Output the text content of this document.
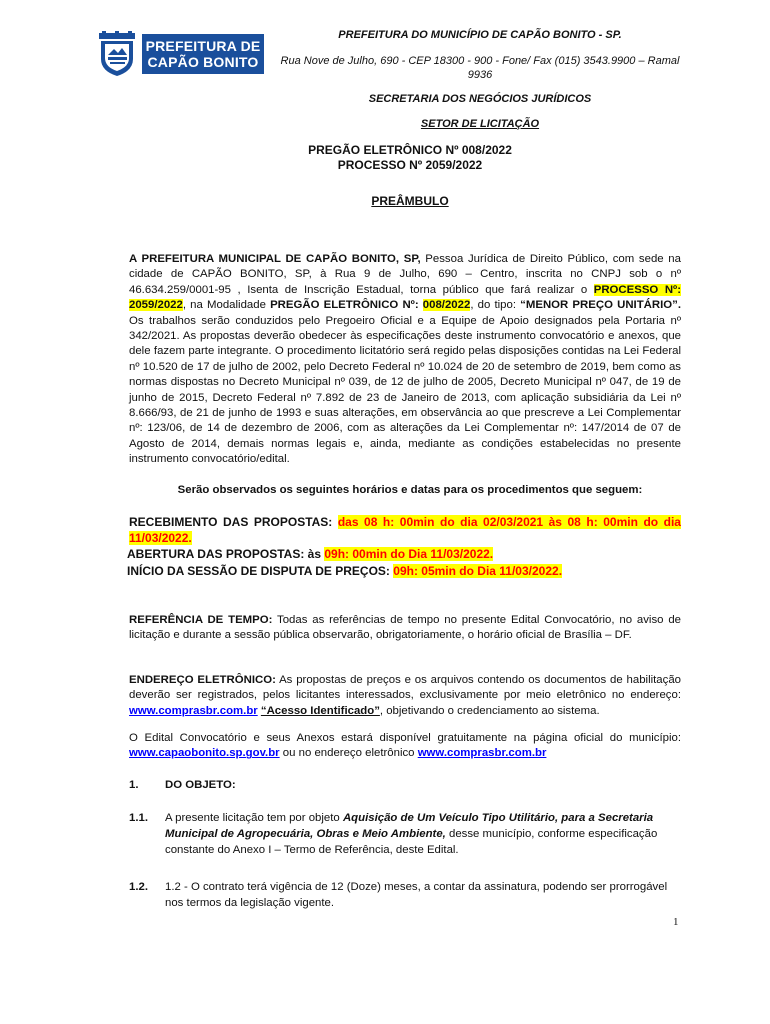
PREFEITURA DE
CAPÃO BONITO
PREFEITURA DO MUNICÍPIO DE CAPÃO BONITO - SP.
Rua Nove de Julho, 690 - CEP 18300 - 900 - Fone/ Fax (015) 3543.9900 – Ramal 9936
SECRETARIA DOS NEGÓCIOS JURÍDICOS
SETOR DE LICITAÇÃO
PREGÃO ELETRÔNICO Nº 008/2022
PROCESSO Nº 2059/2022
PREÂMBULO
A PREFEITURA MUNICIPAL DE CAPÃO BONITO, SP, Pessoa Jurídica de Direito Público, com sede na cidade de CAPÃO BONITO, SP, à Rua 9 de Julho, 690 – Centro, inscrita no CNPJ sob o nº 46.634.259/0001-95 , Isenta de Inscrição Estadual, torna público que fará realizar o PROCESSO Nº: 2059/2022, na Modalidade PREGÃO ELETRÔNICO Nº: 008/2022, do tipo: “MENOR PREÇO UNITÁRIO”. Os trabalhos serão conduzidos pelo Pregoeiro Oficial e a Equipe de Apoio designados pela Portaria nº 342/2021. As propostas deverão obedecer às especificações deste instrumento convocatório e anexos, que dele fazem parte integrante. O procedimento licitatório será regido pelas disposições contidas na Lei Federal nº 10.520 de 17 de julho de 2002, pelo Decreto Federal nº 10.024 de 20 de setembro de 2019, bem como as normas dispostas no Decreto Municipal nº 039, de 12 de julho de 2005, Decreto Municipal nº 047, de 19 de junho de 2015, Decreto Federal nº 7.892 de 23 de Janeiro de 2013, com aplicação subsidiária da Lei nº 8.666/93, de 21 de junho de 1993 e suas alterações, em observância ao que prescreve a Lei Complementar nº: 123/06, de 14 de dezembro de 2006, com as alterações da Lei Complementar nº: 147/2014 de 07 de Agosto de 2014, demais normas legais e, ainda, mediante as condições estabelecidas no presente instrumento convocatório/edital.
Serão observados os seguintes horários e datas para os procedimentos que seguem:
RECEBIMENTO DAS PROPOSTAS: das 08 h: 00min do dia 02/03/2021 às 08 h: 00min do dia 11/03/2022.
ABERTURA DAS PROPOSTAS: às 09h: 00min do Dia 11/03/2022.
INÍCIO DA SESSÃO DE DISPUTA DE PREÇOS: 09h: 05min do Dia 11/03/2022.
REFERÊNCIA DE TEMPO: Todas as referências de tempo no presente Edital Convocatório, no aviso de licitação e durante a sessão pública observarão, obrigatoriamente, o horário oficial de Brasília – DF.
ENDEREÇO ELETRÔNICO: As propostas de preços e os arquivos contendo os documentos de habilitação deverão ser registrados, pelos licitantes interessados, exclusivamente por meio eletrônico no endereço: www.comprasbr.com.br “Acesso Identificado”, objetivando o credenciamento ao sistema.
O Edital Convocatório e seus Anexos estará disponível gratuitamente na página oficial do município: www.capaobonito.sp.gov.br ou no endereço eletrônico www.comprasbr.com.br
1. DO OBJETO:
1.1. A presente licitação tem por objeto Aquisição de Um Veículo Tipo Utilitário, para a Secretaria Municipal de Agropecuária, Obras e Meio Ambiente, desse município, conforme especificação constante do Anexo I – Termo de Referência, deste Edital.
1.2. 1.2 - O contrato terá vigência de 12 (Doze) meses, a contar da assinatura, podendo ser prorrogável nos termos da legislação vigente.
1
